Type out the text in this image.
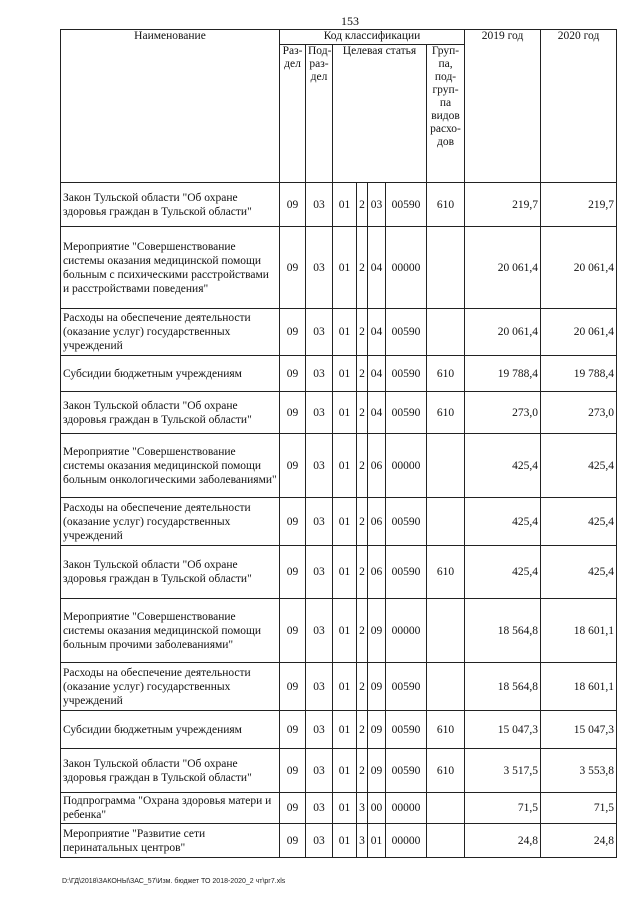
153
Наименование	Код классификации							2019 год	2020 год
	Раз-дел	Под-раз-дел	Целевая статья				Груп-па, под-груп-па видов расхо-дов		
Закон Тульской области "Об охране здоровья граждан в Тульской области"	09	03	01	2	03	00590	610	219,7	219,7
Мероприятие "Совершенствование системы оказания медицинской помощи больным с психическими расстройствами и расстройствами поведения"	09	03	01	2	04	00000		20 061,4	20 061,4
Расходы на обеспечение деятельности (оказание услуг) государственных учреждений	09	03	01	2	04	00590		20 061,4	20 061,4
Субсидии бюджетным учреждениям	09	03	01	2	04	00590	610	19 788,4	19 788,4
Закон Тульской области "Об охране здоровья граждан в Тульской области"	09	03	01	2	04	00590	610	273,0	273,0
Мероприятие "Совершенствование системы оказания медицинской помощи больным онкологическими заболеваниями"	09	03	01	2	06	00000		425,4	425,4
Расходы на обеспечение деятельности (оказание услуг) государственных учреждений	09	03	01	2	06	00590		425,4	425,4
Закон Тульской области "Об охране здоровья граждан в Тульской области"	09	03	01	2	06	00590	610	425,4	425,4
Мероприятие "Совершенствование системы оказания медицинской помощи больным прочими заболеваниями"	09	03	01	2	09	00000		18 564,8	18 601,1
Расходы на обеспечение деятельности (оказание услуг) государственных учреждений	09	03	01	2	09	00590		18 564,8	18 601,1
Субсидии бюджетным учреждениям	09	03	01	2	09	00590	610	15 047,3	15 047,3
Закон Тульской области "Об охране здоровья граждан в Тульской области"	09	03	01	2	09	00590	610	3 517,5	3 553,8
Подпрограмма "Охрана здоровья матери и ребенка"	09	03	01	3	00	00000		71,5	71,5
Мероприятие "Развитие сети перинатальных центров"	09	03	01	3	01	00000		24,8	24,8
D:\ГД\2018\ЗАКОНЫ\ЗАС_57\Изм. бюджет ТО 2018-2020_2 чт\рг7.xls
